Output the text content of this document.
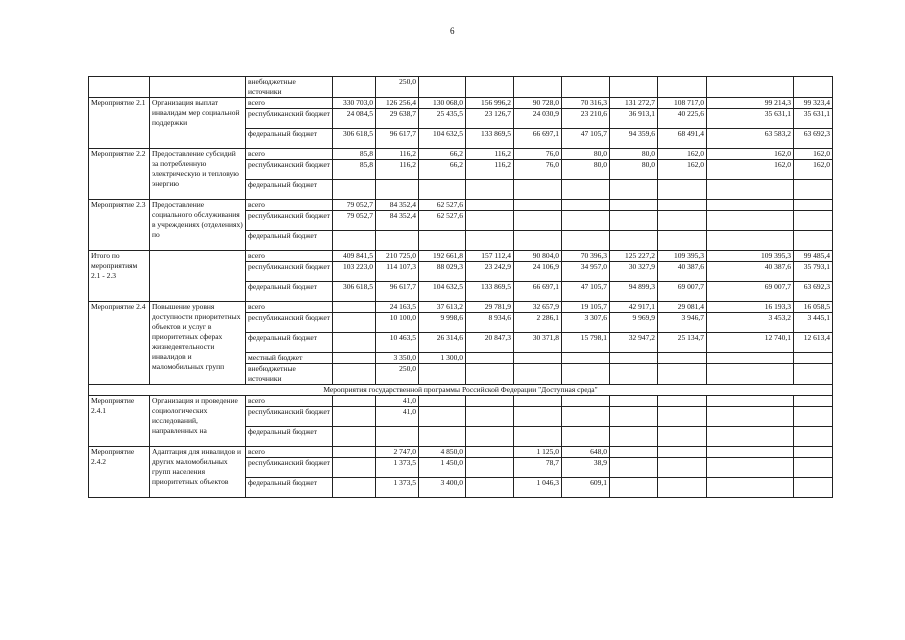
6
		внебюджетные источники		250,0								
Мероприятие 2.1	Организация выплат инвалидам мер социальной поддержки	всего	330 703,0	126 256,4	130 068,0	156 996,2	90 728,0	70 316,3	131 272,7	108 717,0	99 214,3	99 323,4
		республиканский бюджет	24 084,5	29 638,7	25 435,5	23 126,7	24 030,9	23 210,6	36 913,1	40 225,6	35 631,1	35 631,1
		федеральный бюджет	306 618,5	96 617,7	104 632,5	133 869,5	66 697,1	47 105,7	94 359,6	68 491,4	63 583,2	63 692,3
Мероприятие 2.2	Предоставление субсидий за потребленную электрическую и тепловую энергию	всего	85,8	116,2	66,2	116,2	76,0	80,0	80,0	162,0	162,0	162,0
		республиканский бюджет	85,8	116,2	66,2	116,2	76,0	80,0	80,0	162,0	162,0	162,0
		федеральный бюджет										
Мероприятие 2.3	Предоставление социального обслуживания в учреждениях (отделениях) по	всего	79 052,7	84 352,4	62 527,6							
		республиканский бюджет	79 052,7	84 352,4	62 527,6							
		федеральный бюджет										
Итого по мероприятиям 2.1 - 2.3		всего	409 841,5	210 725,0	192 661,8	157 112,4	90 804,0	70 396,3	125 227,2	109 395,3	109 395,3	99 485,4
		республиканский бюджет	103 223,0	114 107,3	88 029,3	23 242,9	24 106,9	34 957,0	30 327,9	40 387,6	40 387,6	35 793,1
		федеральный бюджет	306 618,5	96 617,7	104 632,5	133 869,5	66 697,1	47 105,7	94 899,3	69 007,7	69 007,7	63 692,3
Мероприятие 2.4	Повышение уровня доступности приоритетных объектов и услуг в приоритетных сферах жизнедеятельности инвалидов и маломобильных групп	всего		24 163,5	37 613,2	29 781,9	32 657,9	19 105,7	42 917,1	29 081,4	16 193,3	16 058,5
		республиканский бюджет		10 100,0	9 998,6	8 934,6	2 286,1	3 307,6	9 969,9	3 946,7	3 453,2	3 445,1
		федеральный бюджет		10 463,5	26 314,6	20 847,3	30 371,8	15 798,1	32 947,2	25 134,7	12 740,1	12 613,4
		местный бюджет		3 350,0	1 300,0							
		внебюджетные источники		250,0								
Мероприятия государственной программы Российской Федерации "Доступная среда"												
Мероприятие 2.4.1	Организация и проведение социологических исследований, направленных на	всего		41,0								
		республиканский бюджет		41,0								
		федеральный бюджет										
Мероприятие 2.4.2	Адаптация для инвалидов и других маломобильных групп населения приоритетных объектов	всего		2 747,0	4 850,0		1 125,0	648,0				
		республиканский бюджет		1 373,5	1 450,0		78,7	38,9				
		федеральный бюджет		1 373,5	3 400,0		1 046,3	609,1				
